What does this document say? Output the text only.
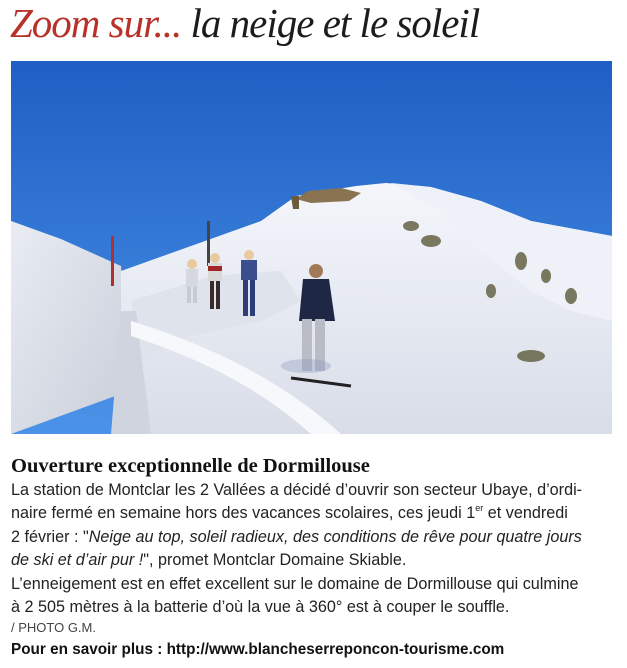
Zoom sur... la neige et le soleil
Ouverture exceptionnelle de Dormillouse

La station de Montclar les 2 Vallées a décidé d’ouvrir son secteur Ubaye, d’ordi-
naire fermé en semaine hors des vacances scolaires, ces jeudi 1er et vendredi
2 février : "Neige au top, soleil radieux, des conditions de rêve pour quatre jours
de ski et d’air pur !", promet Montclar Domaine Skiable.
L’enneigement est en effet excellent sur le domaine de Dormillouse qui culmine
à 2 505 mètres à la batterie d’où la vue à 360° est à couper le souffle.

/ PHOTO G.M.
Pour en savoir plus : http://www.blancheserreponcon-tourisme.com
